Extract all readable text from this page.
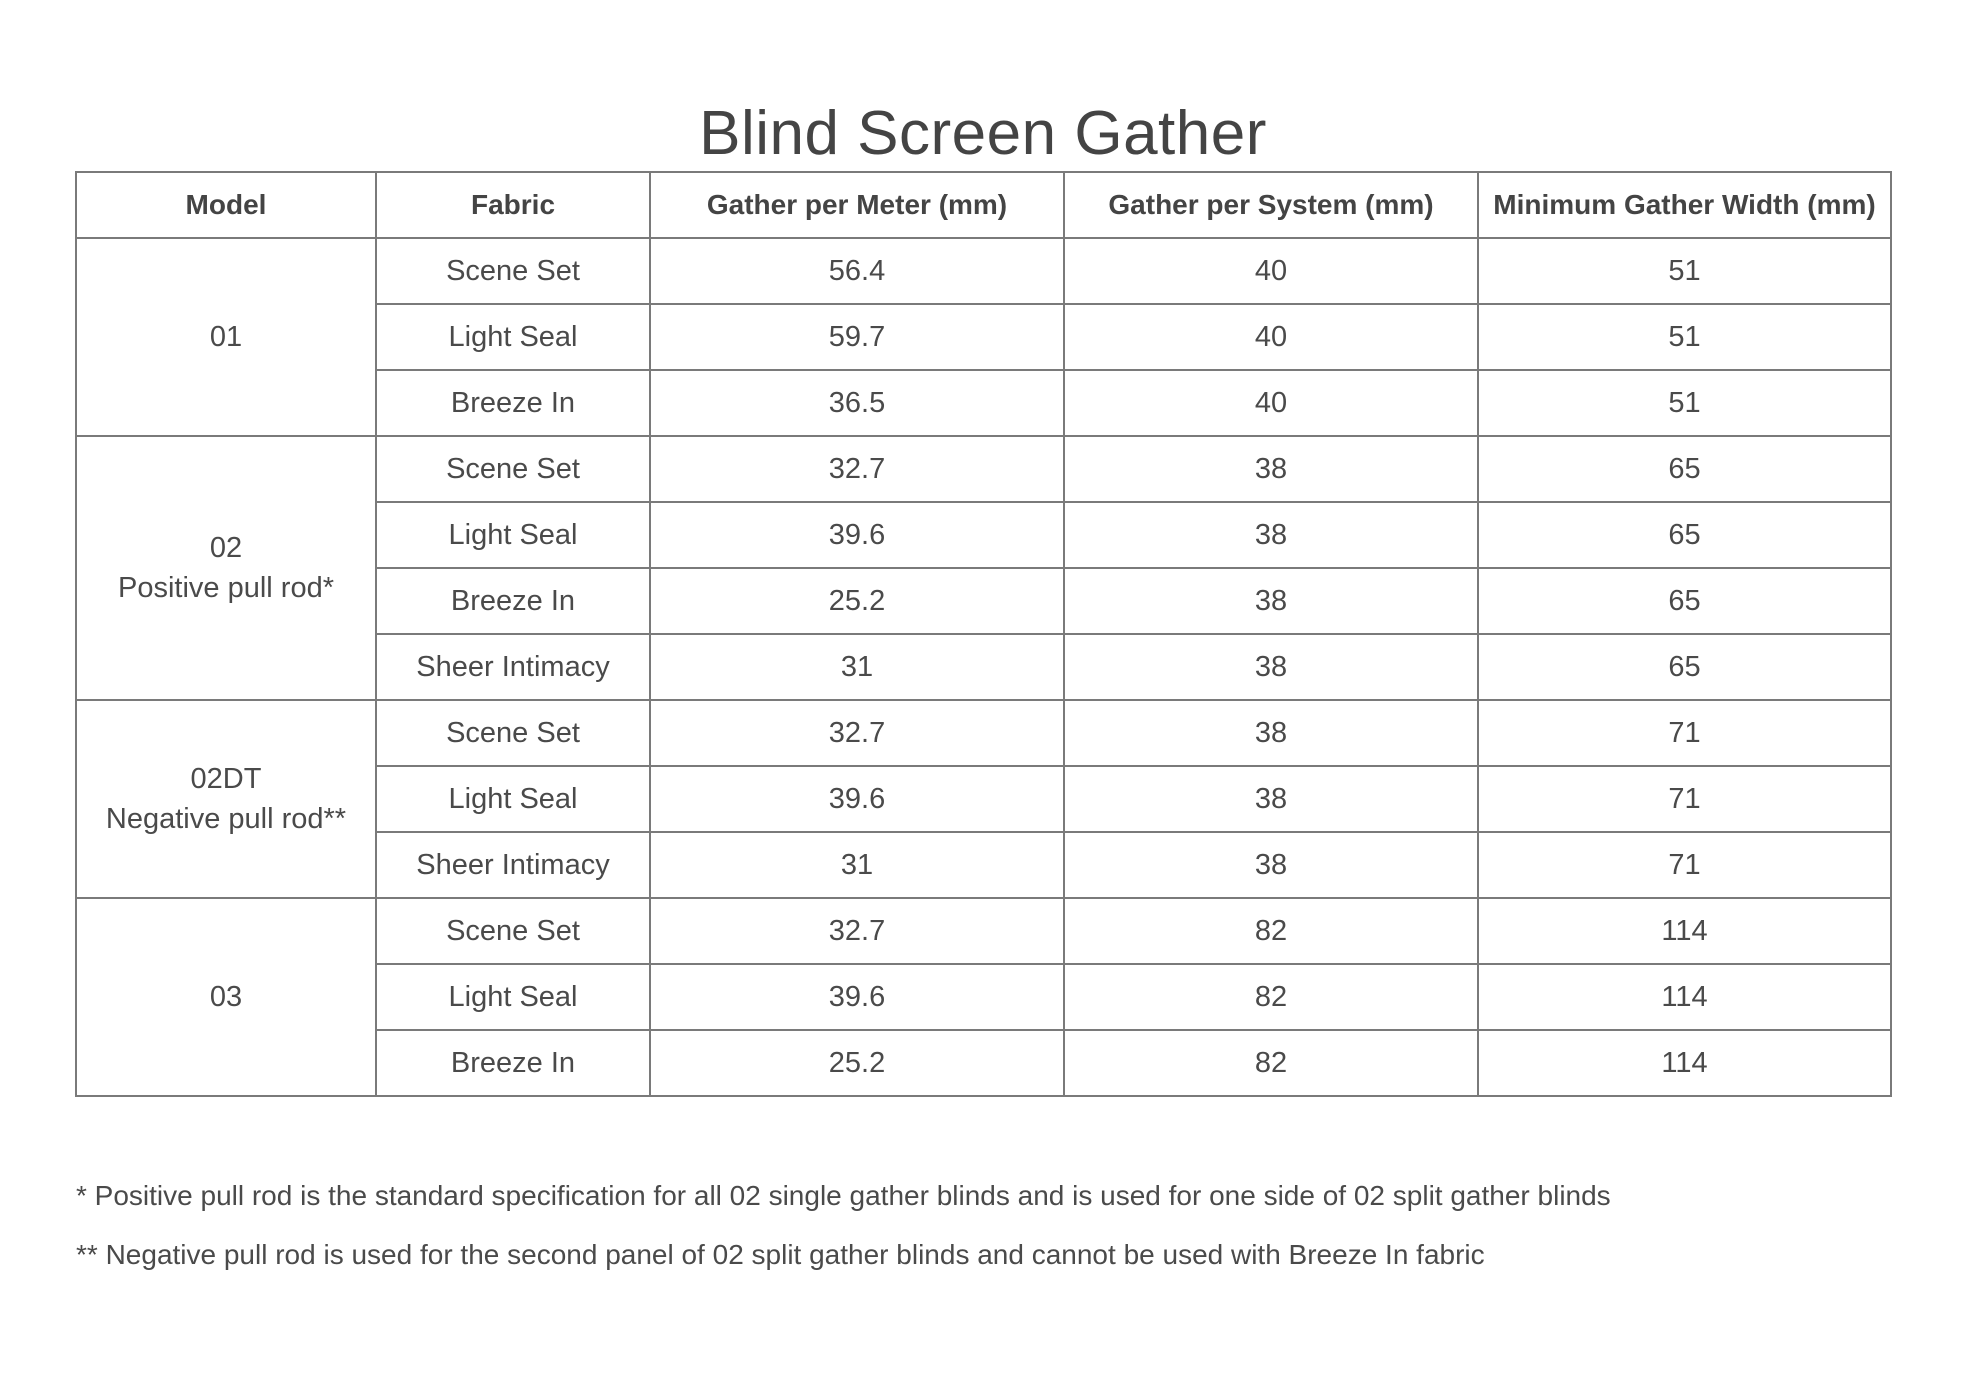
Blind Screen Gather
Model	Fabric	Gather per Meter (mm)	Gather per System (mm)	Minimum Gather Width (mm)

01	Scene Set	56.4	40	51
	Light Seal	59.7	40	51
	Breeze In	36.5	40	51

02
Positive pull rod*	Scene Set	32.7	38	65
	Light Seal	39.6	38	65
	Breeze In	25.2	38	65
	Sheer Intimacy	31	38	65

02DT
Negative pull rod**	Scene Set	32.7	38	71
	Light Seal	39.6	38	71
	Sheer Intimacy	31	38	71

03	Scene Set	32.7	82	114
	Light Seal	39.6	82	114
	Breeze In	25.2	82	114

* Positive pull rod is the standard specification for all 02 single gather blinds and is used for one side of 02 split gather blinds

** Negative pull rod is used for the second panel of 02 split gather blinds and cannot be used with Breeze In fabric
